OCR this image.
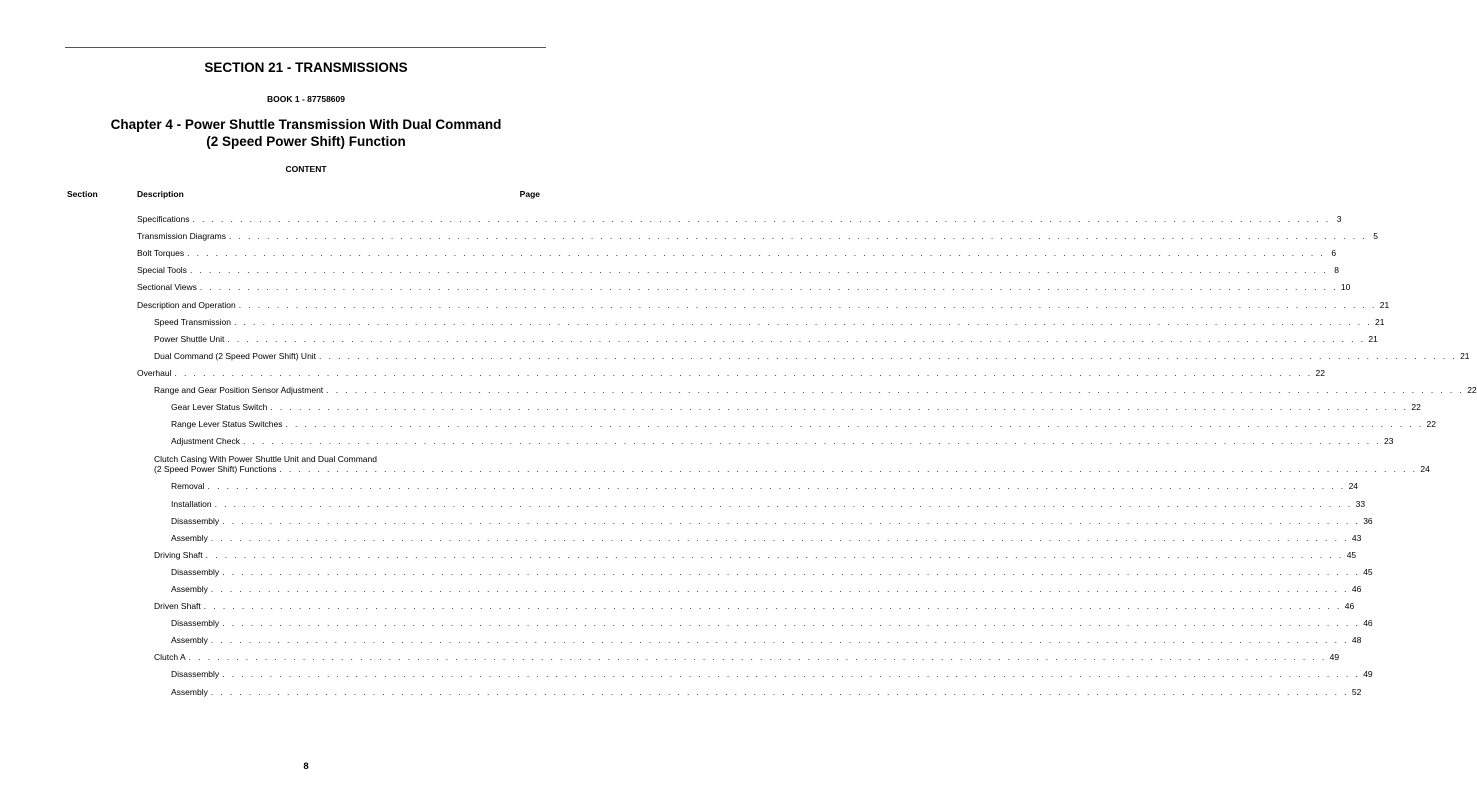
SECTION 21 - TRANSMISSIONS
BOOK 1 - 87758609
Chapter 4 - Power Shuttle Transmission With Dual Command
(2 Speed Power Shift) Function
CONTENT
Section	Description	Page
Specifications . . . . . . . . . . . . . . . . . . . . . . . . . . . . . . . . . . . . . . . . . . . . . . . . . . . . . . . . . . . . . . . . . . . . . . . . . . . . . . . . . . . . . . . . . . . . . . . . . . . . . . . . . . . . . . . . . . . . . . . . 3
Transmission Diagrams . . . . . . . . . . . . . . . . . . . . . . . . . . . . . . . . . . . . . . . . . . . . . . . . . . . . . . . . . . . . . . . . . . . . . . . . . . . . . . . . . . . . . . . . . . . . . . . . . . . . . . . . . . . . . . . . . . . . . . . . 5
Bolt Torques . . . . . . . . . . . . . . . . . . . . . . . . . . . . . . . . . . . . . . . . . . . . . . . . . . . . . . . . . . . . . . . . . . . . . . . . . . . . . . . . . . . . . . . . . . . . . . . . . . . . . . . . . . . . . . . . . . . . . . . . 6
Special Tools . . . . . . . . . . . . . . . . . . . . . . . . . . . . . . . . . . . . . . . . . . . . . . . . . . . . . . . . . . . . . . . . . . . . . . . . . . . . . . . . . . . . . . . . . . . . . . . . . . . . . . . . . . . . . . . . . . . . . . . . 8
Sectional Views . . . . . . . . . . . . . . . . . . . . . . . . . . . . . . . . . . . . . . . . . . . . . . . . . . . . . . . . . . . . . . . . . . . . . . . . . . . . . . . . . . . . . . . . . . . . . . . . . . . . . . . . . . . . . . . . . . . . . . . . 10
Description and Operation . . . . . . . . . . . . . . . . . . . . . . . . . . . . . . . . . . . . . . . . . . . . . . . . . . . . . . . . . . . . . . . . . . . . . . . . . . . . . . . . . . . . . . . . . . . . . . . . . . . . . . . . . . . . . . . . . . . . . . . . 21
Speed Transmission . . . . . . . . . . . . . . . . . . . . . . . . . . . . . . . . . . . . . . . . . . . . . . . . . . . . . . . . . . . . . . . . . . . . . . . . . . . . . . . . . . . . . . . . . . . . . . . . . . . . . . . . . . . . . . . . . . . . . . . . 21
Power Shuttle Unit . . . . . . . . . . . . . . . . . . . . . . . . . . . . . . . . . . . . . . . . . . . . . . . . . . . . . . . . . . . . . . . . . . . . . . . . . . . . . . . . . . . . . . . . . . . . . . . . . . . . . . . . . . . . . . . . . . . . . . . . 21
Dual Command (2 Speed Power Shift) Unit . . . . . . . . . . . . . . . . . . . . . . . . . . . . . . . . . . . . . . . . . . . . . . . . . . . . . . . . . . . . . . . . . . . . . . . . . . . . . . . . . . . . . . . . . . . . . . . . . . . . . . . . . . . . . . . . . . . . . . . . 21
Overhaul . . . . . . . . . . . . . . . . . . . . . . . . . . . . . . . . . . . . . . . . . . . . . . . . . . . . . . . . . . . . . . . . . . . . . . . . . . . . . . . . . . . . . . . . . . . . . . . . . . . . . . . . . . . . . . . . . . . . . . . . 22
Range and Gear Position Sensor Adjustment . . . . . . . . . . . . . . . . . . . . . . . . . . . . . . . . . . . . . . . . . . . . . . . . . . . . . . . . . . . . . . . . . . . . . . . . . . . . . . . . . . . . . . . . . . . . . . . . . . . . . . . . . . . . . . . . . . . . . . . . 22
Gear Lever Status Switch . . . . . . . . . . . . . . . . . . . . . . . . . . . . . . . . . . . . . . . . . . . . . . . . . . . . . . . . . . . . . . . . . . . . . . . . . . . . . . . . . . . . . . . . . . . . . . . . . . . . . . . . . . . . . . . . . . . . . . . . 22
Range Lever Status Switches . . . . . . . . . . . . . . . . . . . . . . . . . . . . . . . . . . . . . . . . . . . . . . . . . . . . . . . . . . . . . . . . . . . . . . . . . . . . . . . . . . . . . . . . . . . . . . . . . . . . . . . . . . . . . . . . . . . . . . . . 22
Adjustment Check . . . . . . . . . . . . . . . . . . . . . . . . . . . . . . . . . . . . . . . . . . . . . . . . . . . . . . . . . . . . . . . . . . . . . . . . . . . . . . . . . . . . . . . . . . . . . . . . . . . . . . . . . . . . . . . . . . . . . . . . 23
Clutch Casing With Power Shuttle Unit and Dual Command
(2 Speed Power Shift) Functions . . . . . . . . . . . . . . . . . . . . . . . . . . . . . . . . . . . . . . . . . . . . . . . . . . . . . . . . . . . . . . . . . . . . . . . . . . . . . . . . . . . . . . . . . . . . . . . . . . . . . . . . . . . . . . . . . . . . . . . . 24
Removal . . . . . . . . . . . . . . . . . . . . . . . . . . . . . . . . . . . . . . . . . . . . . . . . . . . . . . . . . . . . . . . . . . . . . . . . . . . . . . . . . . . . . . . . . . . . . . . . . . . . . . . . . . . . . . . . . . . . . . . . 24
Installation . . . . . . . . . . . . . . . . . . . . . . . . . . . . . . . . . . . . . . . . . . . . . . . . . . . . . . . . . . . . . . . . . . . . . . . . . . . . . . . . . . . . . . . . . . . . . . . . . . . . . . . . . . . . . . . . . . . . . . . . 33
Disassembly . . . . . . . . . . . . . . . . . . . . . . . . . . . . . . . . . . . . . . . . . . . . . . . . . . . . . . . . . . . . . . . . . . . . . . . . . . . . . . . . . . . . . . . . . . . . . . . . . . . . . . . . . . . . . . . . . . . . . . . . 36
Assembly . . . . . . . . . . . . . . . . . . . . . . . . . . . . . . . . . . . . . . . . . . . . . . . . . . . . . . . . . . . . . . . . . . . . . . . . . . . . . . . . . . . . . . . . . . . . . . . . . . . . . . . . . . . . . . . . . . . . . . . . 43
Driving Shaft . . . . . . . . . . . . . . . . . . . . . . . . . . . . . . . . . . . . . . . . . . . . . . . . . . . . . . . . . . . . . . . . . . . . . . . . . . . . . . . . . . . . . . . . . . . . . . . . . . . . . . . . . . . . . . . . . . . . . . . . 45
Disassembly . . . . . . . . . . . . . . . . . . . . . . . . . . . . . . . . . . . . . . . . . . . . . . . . . . . . . . . . . . . . . . . . . . . . . . . . . . . . . . . . . . . . . . . . . . . . . . . . . . . . . . . . . . . . . . . . . . . . . . . . 45
Assembly . . . . . . . . . . . . . . . . . . . . . . . . . . . . . . . . . . . . . . . . . . . . . . . . . . . . . . . . . . . . . . . . . . . . . . . . . . . . . . . . . . . . . . . . . . . . . . . . . . . . . . . . . . . . . . . . . . . . . . . . 46
Driven Shaft . . . . . . . . . . . . . . . . . . . . . . . . . . . . . . . . . . . . . . . . . . . . . . . . . . . . . . . . . . . . . . . . . . . . . . . . . . . . . . . . . . . . . . . . . . . . . . . . . . . . . . . . . . . . . . . . . . . . . . . . 46
Disassembly . . . . . . . . . . . . . . . . . . . . . . . . . . . . . . . . . . . . . . . . . . . . . . . . . . . . . . . . . . . . . . . . . . . . . . . . . . . . . . . . . . . . . . . . . . . . . . . . . . . . . . . . . . . . . . . . . . . . . . . . 46
Assembly . . . . . . . . . . . . . . . . . . . . . . . . . . . . . . . . . . . . . . . . . . . . . . . . . . . . . . . . . . . . . . . . . . . . . . . . . . . . . . . . . . . . . . . . . . . . . . . . . . . . . . . . . . . . . . . . . . . . . . . . 48
Clutch A . . . . . . . . . . . . . . . . . . . . . . . . . . . . . . . . . . . . . . . . . . . . . . . . . . . . . . . . . . . . . . . . . . . . . . . . . . . . . . . . . . . . . . . . . . . . . . . . . . . . . . . . . . . . . . . . . . . . . . . . 49
Disassembly . . . . . . . . . . . . . . . . . . . . . . . . . . . . . . . . . . . . . . . . . . . . . . . . . . . . . . . . . . . . . . . . . . . . . . . . . . . . . . . . . . . . . . . . . . . . . . . . . . . . . . . . . . . . . . . . . . . . . . . . 49
Assembly . . . . . . . . . . . . . . . . . . . . . . . . . . . . . . . . . . . . . . . . . . . . . . . . . . . . . . . . . . . . . . . . . . . . . . . . . . . . . . . . . . . . . . . . . . . . . . . . . . . . . . . . . . . . . . . . . . . . . . . . 52
8
